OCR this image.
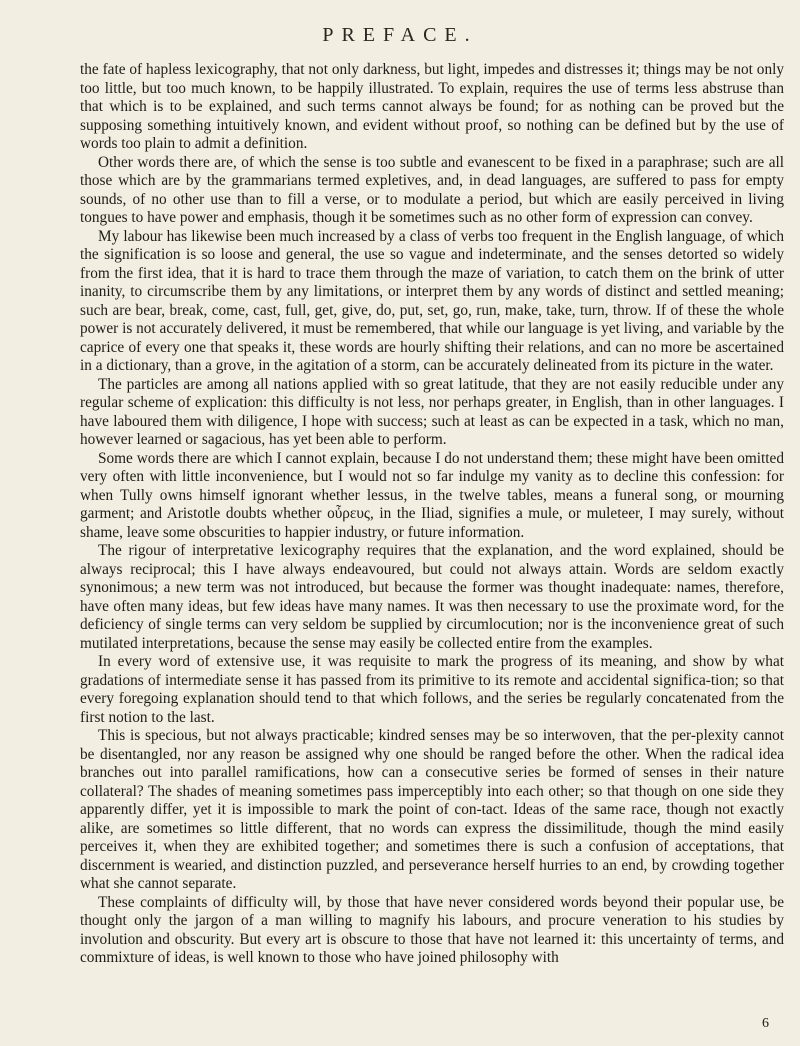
PREFACE.

the fate of hapless lexicography, that not only darkness, but light, impedes and distresses it; things may be not only too little, but too much known, to be happily illustrated. To explain, requires the use of terms less abstruse than that which is to be explained, and such terms cannot always be found; for as nothing can be proved but the supposing something intuitively known, and evident without proof, so nothing can be defined but by the use of words too plain to admit a definition.

Other words there are, of which the sense is too subtle and evanescent to be fixed in a paraphrase; such are all those which are by the grammarians termed expletives, and, in dead languages, are suffered to pass for empty sounds, of no other use than to fill a verse, or to modulate a period, but which are easily perceived in living tongues to have power and emphasis, though it be sometimes such as no other form of expression can convey.

My labour has likewise been much increased by a class of verbs too frequent in the English language, of which the signification is so loose and general, the use so vague and indeterminate, and the senses detorted so widely from the first idea, that it is hard to trace them through the maze of variation, to catch them on the brink of utter inanity, to circumscribe them by any limitations, or interpret them by any words of distinct and settled meaning; such are bear, break, come, cast, full, get, give, do, put, set, go, run, make, take, turn, throw. If of these the whole power is not accurately delivered, it must be remembered, that while our language is yet living, and variable by the caprice of every one that speaks it, these words are hourly shifting their relations, and can no more be ascertained in a dictionary, than a grove, in the agitation of a storm, can be accurately delineated from its picture in the water.

The particles are among all nations applied with so great latitude, that they are not easily reducible under any regular scheme of explication: this difficulty is not less, nor perhaps greater, in English, than in other languages. I have laboured them with diligence, I hope with success; such at least as can be expected in a task, which no man, however learned or sagacious, has yet been able to perform.

Some words there are which I cannot explain, because I do not understand them; these might have been omitted very often with little inconvenience, but I would not so far indulge my vanity as to decline this confession: for when Tully owns himself ignorant whether lessus, in the twelve tables, means a funeral song, or mourning garment; and Aristotle doubts whether οὖρευς, in the Iliad, signifies a mule, or muleteer, I may surely, without shame, leave some obscurities to happier industry, or future information.

The rigour of interpretative lexicography requires that the explanation, and the word explained, should be always reciprocal; this I have always endeavoured, but could not always attain. Words are seldom exactly synonimous; a new term was not introduced, but because the former was thought inadequate: names, therefore, have often many ideas, but few ideas have many names. It was then necessary to use the proximate word, for the deficiency of single terms can very seldom be supplied by circumlocution; nor is the inconvenience great of such mutilated interpretations, because the sense may easily be collected entire from the examples.

In every word of extensive use, it was requisite to mark the progress of its meaning, and show by what gradations of intermediate sense it has passed from its primitive to its remote and accidental significa-tion; so that every foregoing explanation should tend to that which follows, and the series be regularly concatenated from the first notion to the last.

This is specious, but not always practicable; kindred senses may be so interwoven, that the per-plexity cannot be disentangled, nor any reason be assigned why one should be ranged before the other. When the radical idea branches out into parallel ramifications, how can a consecutive series be formed of senses in their nature collateral? The shades of meaning sometimes pass imperceptibly into each other; so that though on one side they apparently differ, yet it is impossible to mark the point of con-tact. Ideas of the same race, though not exactly alike, are sometimes so little different, that no words can express the dissimilitude, though the mind easily perceives it, when they are exhibited together; and sometimes there is such a confusion of acceptations, that discernment is wearied, and distinction puzzled, and perseverance herself hurries to an end, by crowding together what she cannot separate.

These complaints of difficulty will, by those that have never considered words beyond their popular use, be thought only the jargon of a man willing to magnify his labours, and procure veneration to his studies by involution and obscurity. But every art is obscure to those that have not learned it: this uncertainty of terms, and commixture of ideas, is well known to those who have joined philosophy with

6
